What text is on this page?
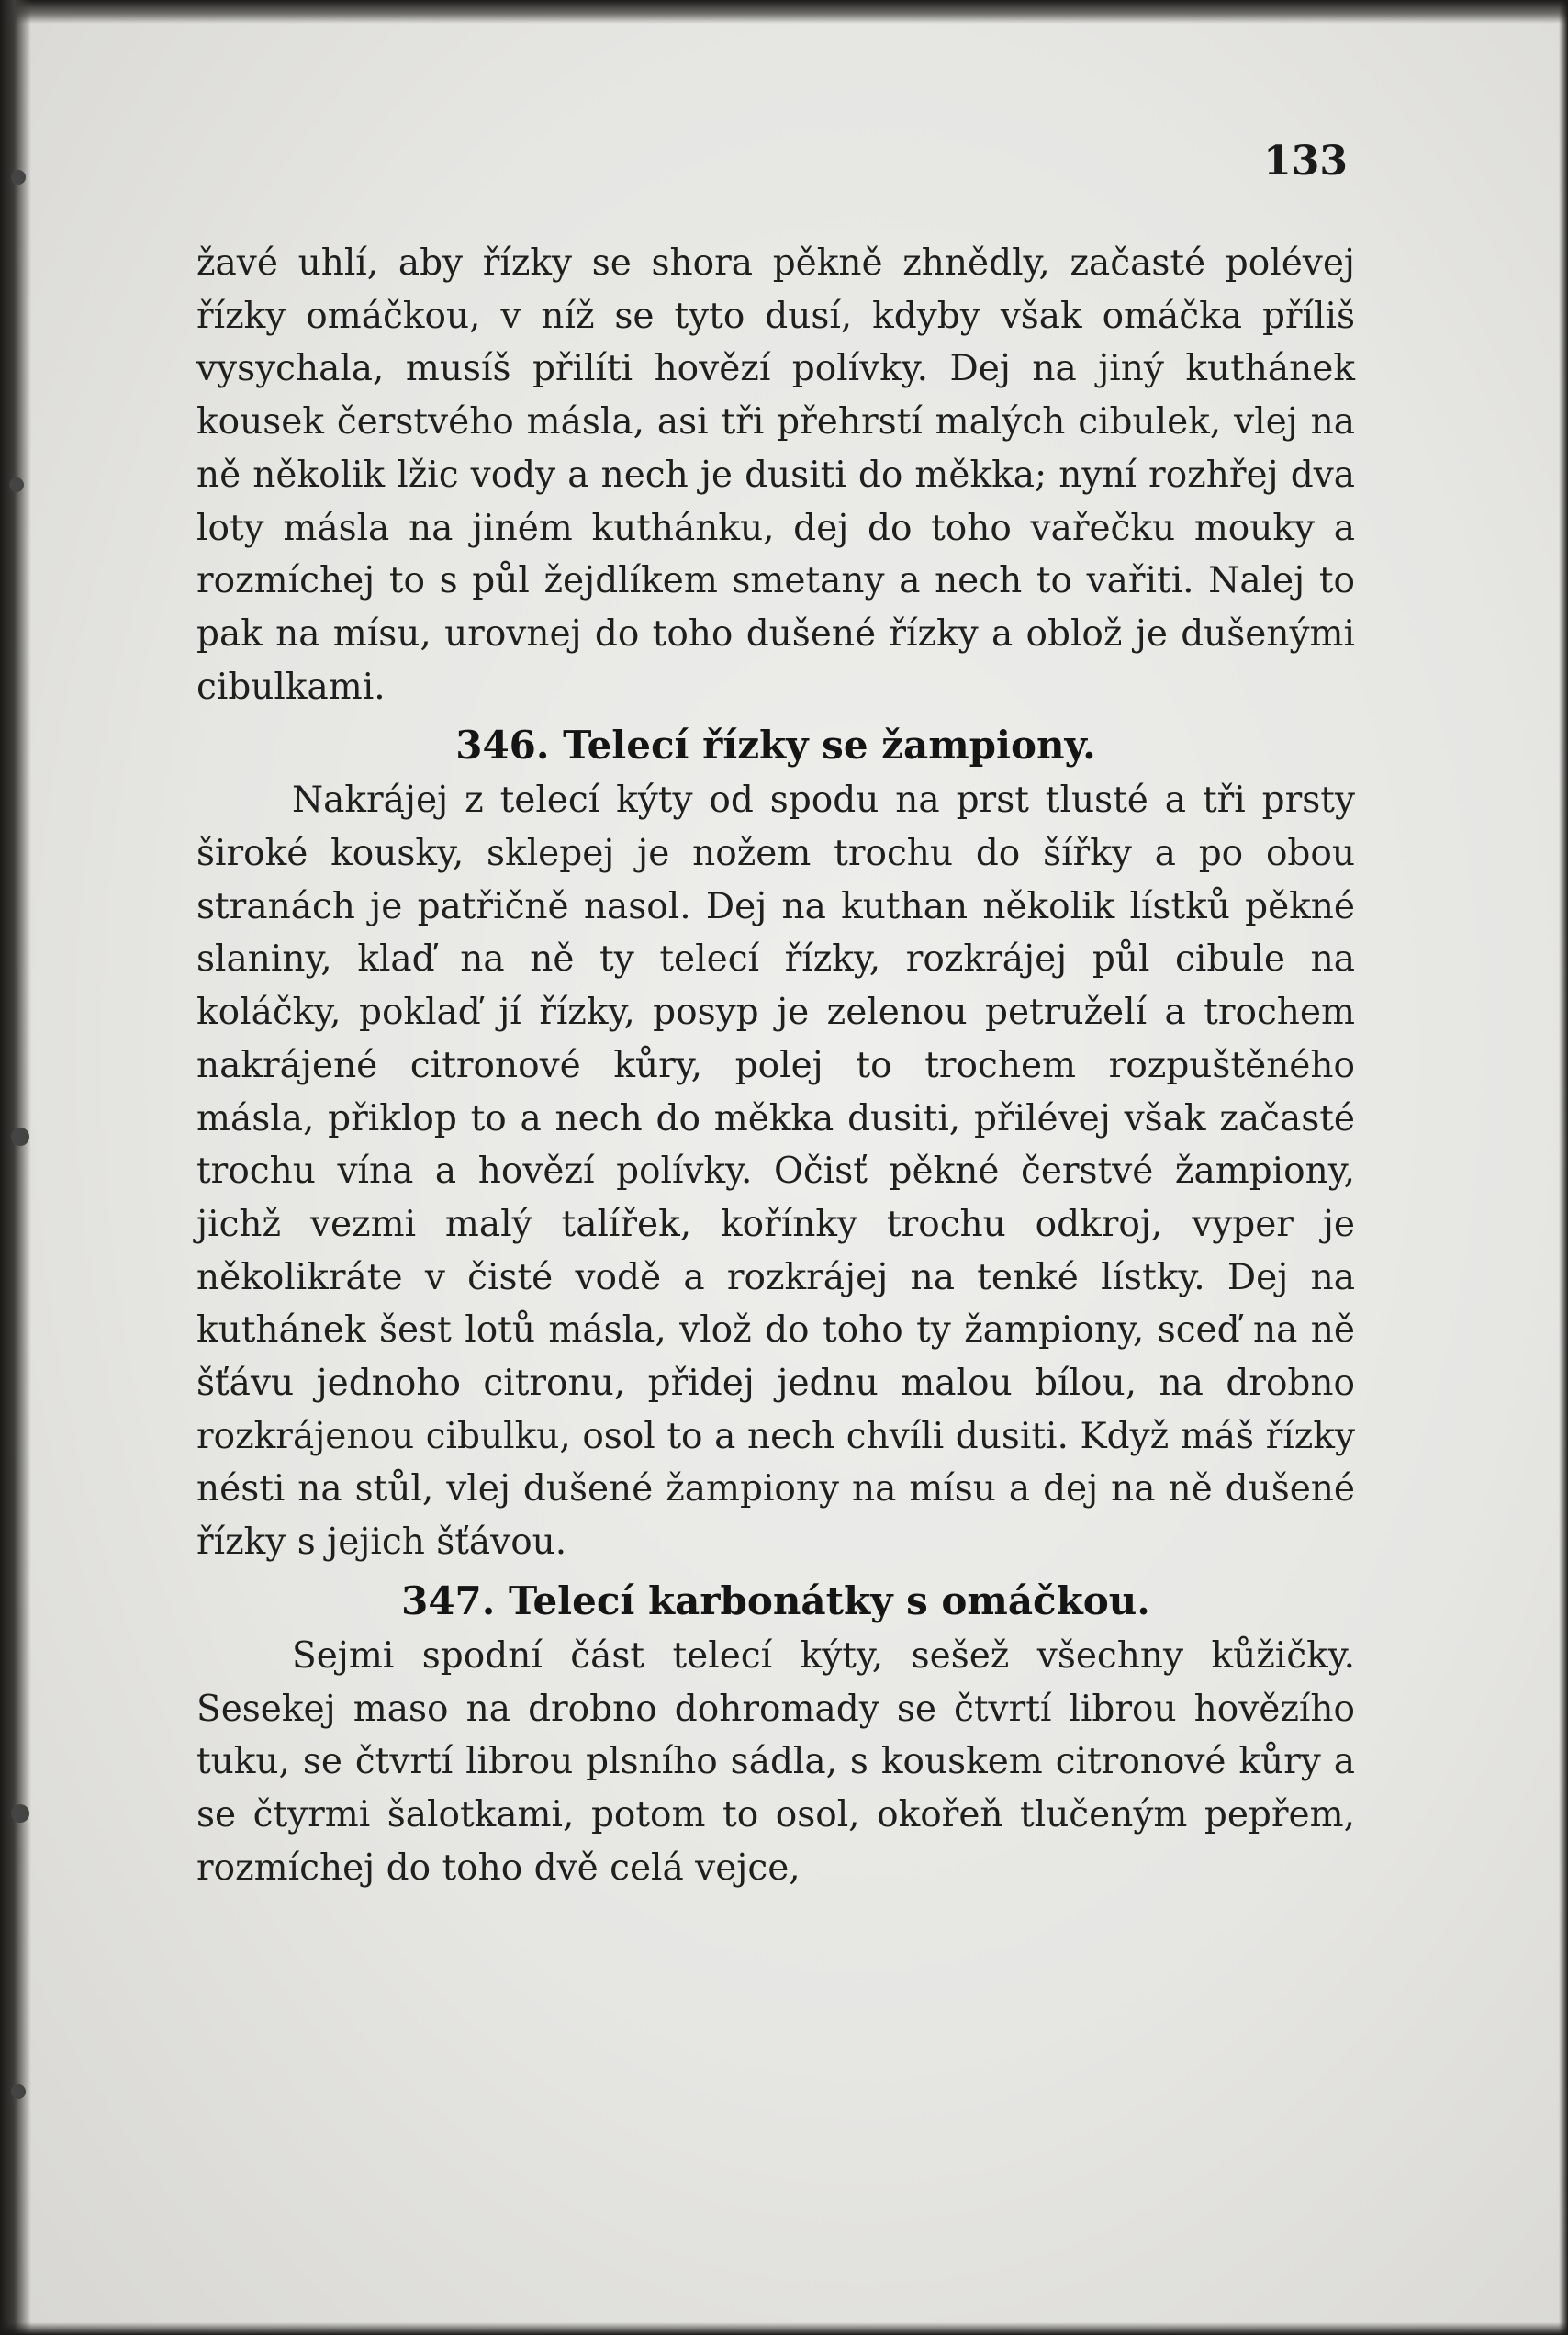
133

žavé uhlí, aby řízky se shora pěkně zhnědly, začasté polévej řízky omáčkou, v níž se tyto dusí, kdyby však omáčka příliš vysychala, musíš přilíti hovězí polívky. Dej na jiný kuthánek kousek čerstvého másla, asi tři přehrstí malých cibulek, vlej na ně několik lžic vody a nech je dusiti do měkka; nyní rozhřej dva loty másla na jiném kuthánku, dej do toho vařečku mouky a rozmíchej to s půl žejdlíkem smetany a nech to vařiti. Nalej to pak na mísu, urovnej do toho dušené řízky a oblož je dušenými cibulkami.

346. Telecí řízky se žampiony.

Nakrájej z telecí kýty od spodu na prst tlusté a tři prsty široké kousky, sklepej je nožem trochu do šířky a po obou stranách je patřičně nasol. Dej na kuthan několik lístků pěkné slaniny, klaď na ně ty telecí řízky, rozkrájej půl cibule na koláčky, poklaď jí řízky, posyp je zelenou petruželí a trochem nakrájené citronové kůry, polej to trochem rozpuštěného másla, přiklop to a nech do měkka dusiti, přilévej však začasté trochu vína a hovězí polívky. Očisť pěkné čerstvé žampiony, jichž vezmi malý talířek, kořínky trochu odkroj, vyper je několikráte v čisté vodě a rozkrájej na tenké lístky. Dej na kuthánek šest lotů másla, vlož do toho ty žampiony, sceď na ně šťávu jednoho citronu, přidej jednu malou bílou, na drobno rozkrájenou cibulku, osol to a nech chvíli dusiti. Když máš řízky nésti na stůl, vlej dušené žampiony na mísu a dej na ně dušené řízky s jejich šťávou.

347. Telecí karbonátky s omáčkou.

Sejmi spodní část telecí kýty, sešež všechny kůžičky. Sesekej maso na drobno dohromady se čtvrtí librou hovězího tuku, se čtvrtí librou plsního sádla, s kouskem citronové kůry a se čtyrmi šalotkami, potom to osol, okořeň tlučeným pepřem, rozmíchej do toho dvě celá vejce,
